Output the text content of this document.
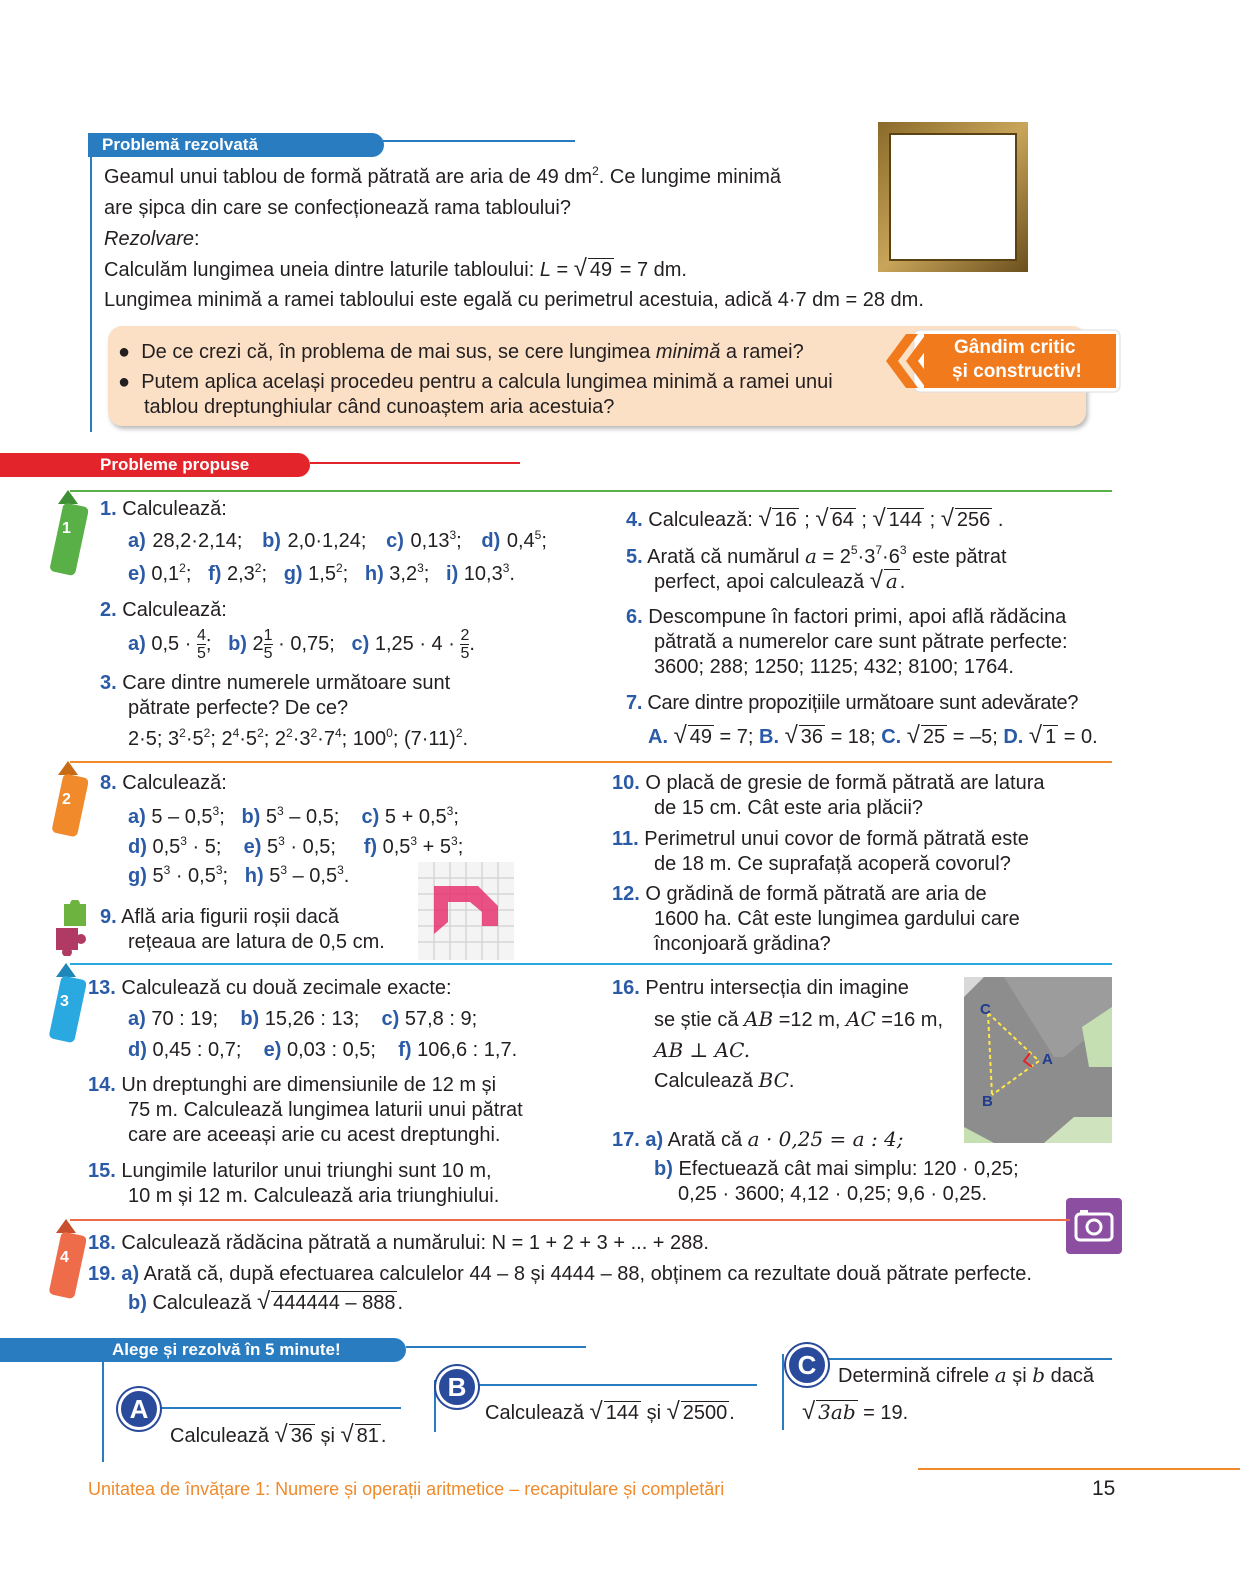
Problemă rezolvată
Geamul unui tablou de formă pătrată are aria de 49 $dm^2$. Ce lungime minimă
are șipca din care se confecționează rama tabloului?
Rezolvare:
Calculăm lungimea uneia dintre laturile tabloului: L = √ 49 = 7 dm.
Lungimea minimă a ramei tabloului este egală cu perimetrul acestuia, adică 4·7 dm = 28 dm.
●  De ce crezi că, în problema de mai sus, se cere lungimea minimă a ramei?
●  Putem aplica același procedeu pentru a calcula lungimea minimă a ramei unui
tablou dreptunghiular când cunoaștem aria acestuia?
Gândim critic
și constructiv!
Probleme propuse
1
1. Calculează:
a) 28,2·2,14; b) 2,0·1,24; c) 0,13$^3$;   d) $0,4^5$;
e) $0,1^2$;   f) $2,3^2$;   g) $1,5^2$;   h) $3,2^3$;   i) 10,3$^3$.
2. Calculează:
a) $0,5 \cdot \frac{4}{5}$ ; b) $2 \frac{1}{5} \cdot 0,75$; c) $1,25 \cdot 4 \cdot \frac{2}{5}$ .
3. Care dintre numerele următoare sunt
pătrate perfecte? De ce?
2·5; $3^2\cdot 5^2$; $2^4\cdot 5^2$; $2^2\cdot 3^2\cdot 7^4$; $100^0$; $(7\cdot 11)^2$.
4. Calculează: √ 16 ; √ 64 ; √ 144 ; √ 256 .
5. Arată că numărul $a = 2^5\cdot 3^7\cdot 6^3$ este pătrat
perfect, apoi calculează √ a .
6. Descompune în factori primi, apoi află rădăcina
pătrată a numerelor care sunt pătrate perfecte:
3600; 288; 1250; 1125; 432; 8100; 1764.
7. Care dintre propozițiile următoare sunt adevărate?
A. √ 49 = 7; B. √ 36 = 18; C. √ 25 = –5; D. √ 1 = 0.
2
8. Calculează:
a) $5 - 0,5^3$; b) $5^3 - 0,5$; c) $5 + 0,5^3$;
d) $0,5^3 \cdot 5$; e) $5^3 \cdot 0,5$; f) $0,5^3 + 5^3$;
g) $5^3 \cdot 0,5^3$;   h) $5^3 - 0,5^3$.
9. Află aria figurii roșii dacă
rețeaua are latura de 0,5 cm.
10. O placă de gresie de formă pătrată are latura
de 15 cm. Cât este aria plăcii?
11. Perimetrul unui covor de formă pătrată este
de 18 m. Ce suprafață acoperă covorul?
12. O grădină de formă pătrată are aria de
1600 ha. Cât este lungimea gardului care
înconjoară grădina?
3
13. Calculează cu două zecimale exacte:
a) 70 : 19; b) 15,26 : 13; c) 57,8 : 9;
d) 0,45 : 0,7; e) 0,03 : 0,5; f) 106,6 : 1,7.
14. Un dreptunghi are dimensiunile de 12 m și
75 m. Calculează lungimea laturii unui pătrat
care are aceeași arie cu acest dreptunghi.
15. Lungimile laturilor unui triunghi sunt 10 m,
10 m și 12 m. Calculează aria triunghiului.
16. Pentru intersecția din imagine
se știe că AB =12 m, AC =16 m,
AB ⊥ AC.
Calculează BC.
C
A
B
17. a) Arată că a · 0,25 = a : 4;
b) Efectuează cât mai simplu: 120 · 0,25;
0,25 · 3600; 4,12 · 0,25; 9,6 · 0,25.
4
18. Calculează rădăcina pătrată a numărului: N = 1 + 2 + 3 + ... + 288.
19. a) Arată că, după efectuarea calculelor 44 – 8 și 4444 – 88, obținem ca rezultate două pătrate perfecte.
b) Calculează √ 444444 – 888 .
Alege și rezolvă în 5 minute!
A
Calculează √ 36 și √ 81 .
B
Calculează √ 144 și √ 2500 .
C	Determină cifrele a și b dacă
√ 3ab = 19.
Unitatea de învățare 1: Numere și operații aritmetice – recapitulare și completări	15
